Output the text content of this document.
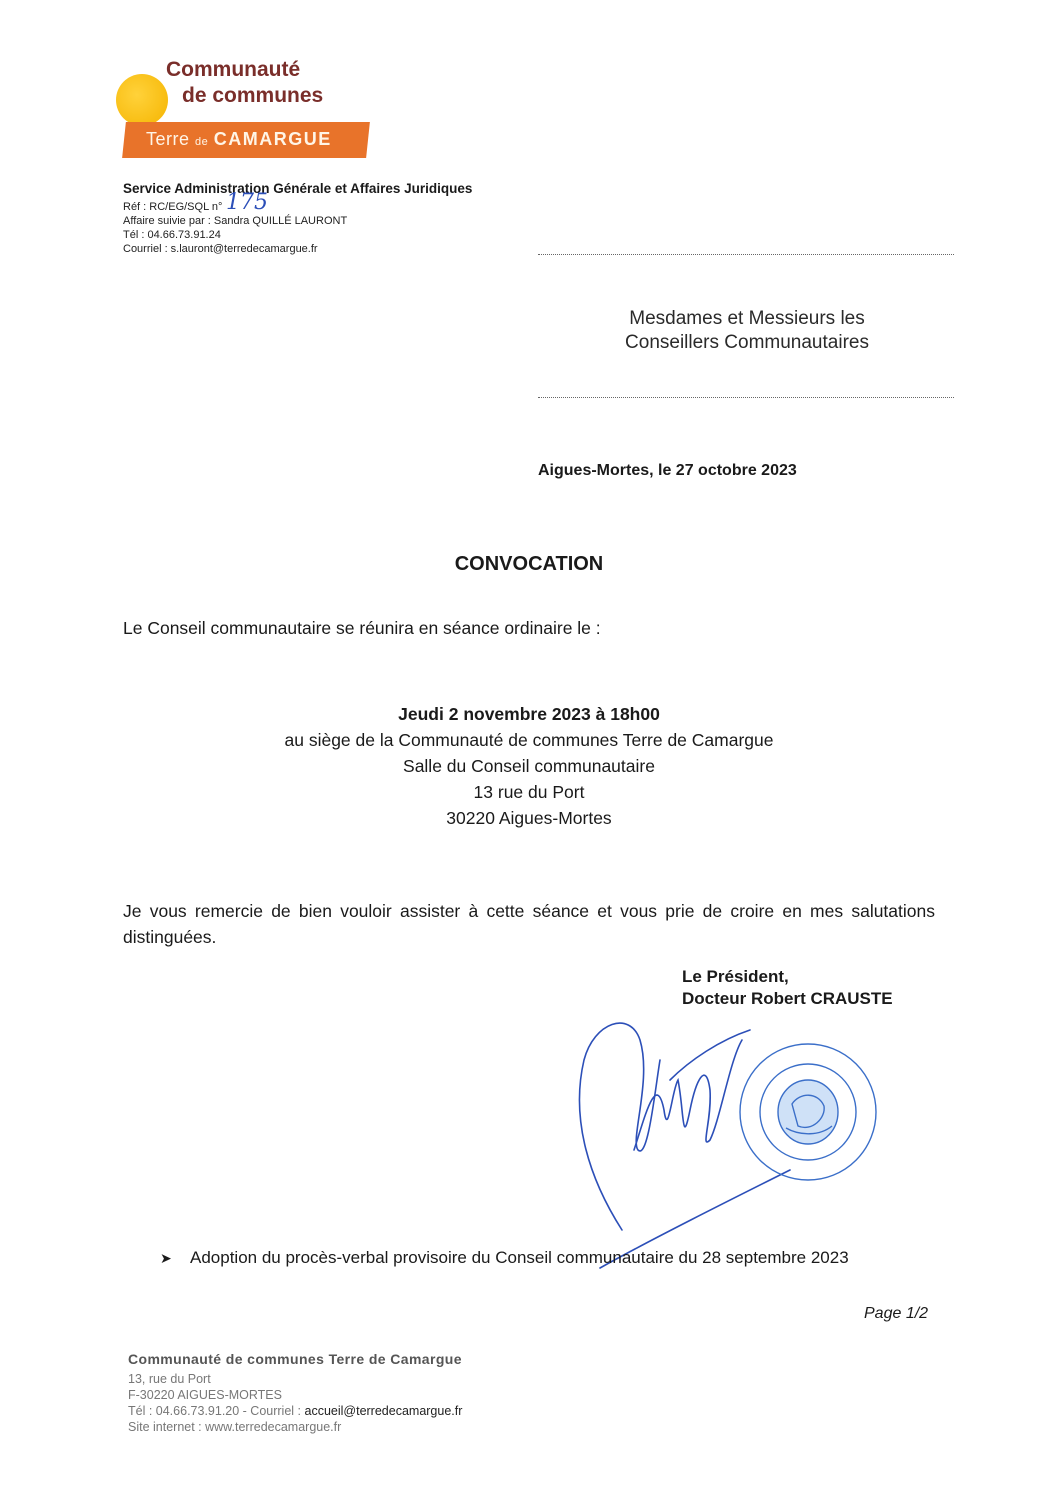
Communauté
de communes
Terre de CAMARGUE
Service Administration Générale et Affaires Juridiques
Réf : RC/EG/SQL n° 175
Affaire suivie par : Sandra QUILLÉ LAURONT
Tél : 04.66.73.91.24
Courriel : s.lauront@terredecamargue.fr
Mesdames et Messieurs les
Conseillers Communautaires
Aigues-Mortes, le 27 octobre 2023
CONVOCATION
Le Conseil communautaire se réunira en séance ordinaire le :
Jeudi 2 novembre 2023 à 18h00
au siège de la Communauté de communes Terre de Camargue
Salle du Conseil communautaire
13 rue du Port
30220 Aigues-Mortes
Je vous remercie de bien vouloir assister à cette séance et vous prie de croire en mes salutations distinguées.
Le Président,
Docteur Robert CRAUSTE
➤ Adoption du procès-verbal provisoire du Conseil communautaire du 28 septembre 2023
Page 1/2
Communauté de communes Terre de Camargue
13, rue du Port
F-30220 AIGUES-MORTES
Tél : 04.66.73.91.20 - Courriel : accueil@terredecamargue.fr
Site internet : www.terredecamargue.fr
